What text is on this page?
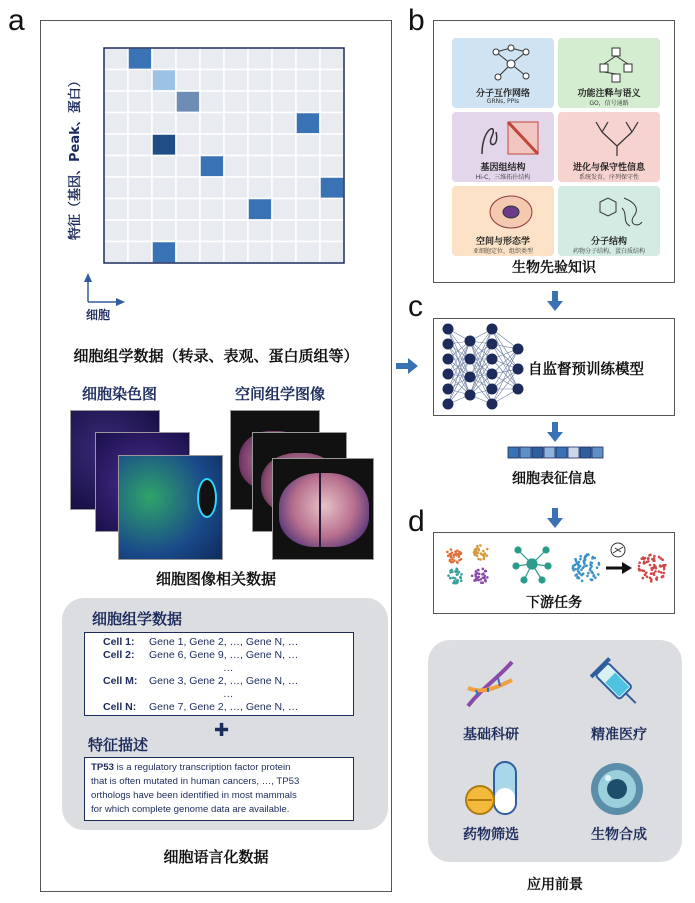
a	b
c
d
特征（基因、Peak、蛋白）
细胞
细胞组学数据（转录、表观、蛋白质组等）
细胞染色图	空间组学图像
细胞图像相关数据
细胞组学数据
Cell 1: Gene 1, Gene 2, …, Gene N, …
Cell 2: Gene 6, Gene 9, …, Gene N, …
…
Cell M: Gene 3, Gene 2, …, Gene N, …
…
Cell N: Gene 7, Gene 2, …, Gene N, …
✚
特征描述
TP53 is a regulatory transcription factor protein
that is often mutated in human cancers, …, TP53
orthologs have been identified in most mammals
for which complete genome data are available.
细胞语言化数据
分子互作网络
GRNs, PPIs
功能注释与语义
GO，信号通路
基因组结构
Hi-C，三维拓扑结构
进化与保守性信息
系统发育，序列保守性
空间与形态学
亚细胞定位，组织类型
分子结构
药物分子结构，蛋白质结构
生物先验知识
自监督预训练模型
细胞表征信息
下游任务
基础科研	精准医疗
药物筛选	生物合成
应用前景
